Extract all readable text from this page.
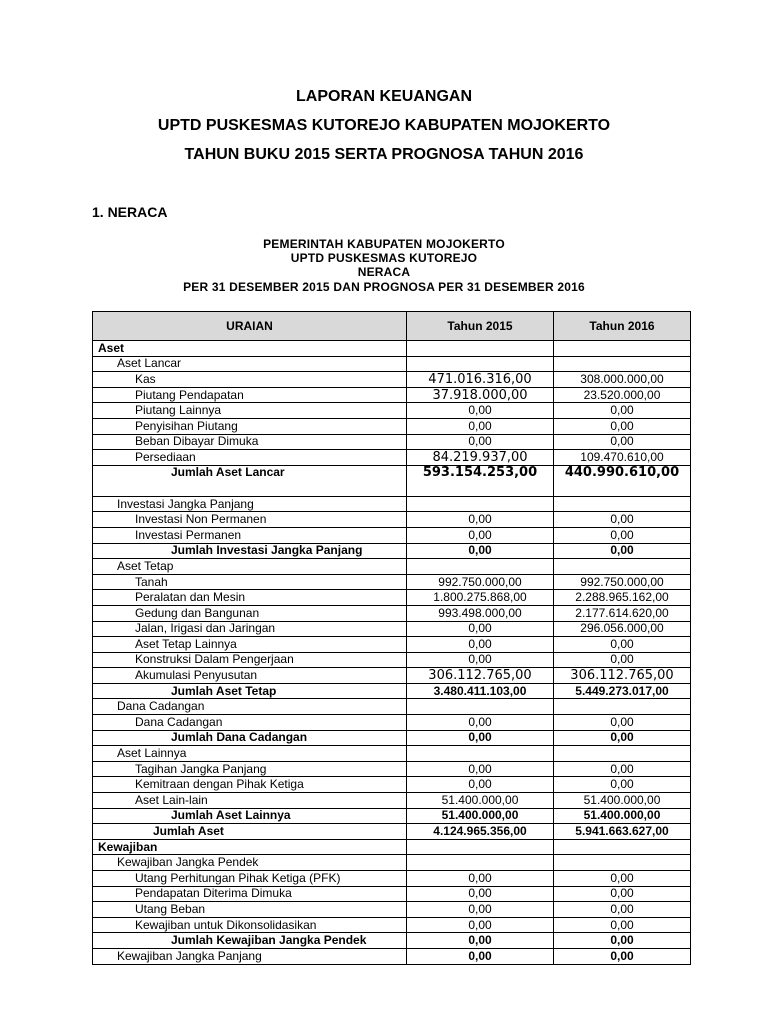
LAPORAN KEUANGAN
UPTD PUSKESMAS KUTOREJO KABUPATEN MOJOKERTO
TAHUN BUKU 2015 SERTA PROGNOSA TAHUN 2016
1. NERACA
PEMERINTAH KABUPATEN MOJOKERTO
UPTD PUSKESMAS KUTOREJO
NERACA
PER 31 DESEMBER 2015 DAN PROGNOSA PER 31 DESEMBER 2016
URAIAN	Tahun 2015	Tahun 2016
Aset		
Aset Lancar		
Kas	471.016.316,00	308.000.000,00
Piutang Pendapatan	37.918.000,00	23.520.000,00
Piutang Lainnya	0,00	0,00
Penyisihan Piutang	0,00	0,00
Beban Dibayar Dimuka	0,00	0,00
Persediaan	84.219.937,00	109.470.610,00
Jumlah Aset Lancar	593.154.253,00	440.990.610,00
Investasi Jangka Panjang		
Investasi Non Permanen	0,00	0,00
Investasi Permanen	0,00	0,00
Jumlah Investasi Jangka Panjang	0,00	0,00
Aset Tetap		
Tanah	992.750.000,00	992.750.000,00
Peralatan dan Mesin	1.800.275.868,00	2.288.965.162,00
Gedung dan Bangunan	993.498.000,00	2.177.614.620,00
Jalan, Irigasi dan Jaringan	0,00	296.056.000,00
Aset Tetap Lainnya	0,00	0,00
Konstruksi Dalam Pengerjaan	0,00	0,00
Akumulasi Penyusutan	306.112.765,00	306.112.765,00
Jumlah Aset Tetap	3.480.411.103,00	5.449.273.017,00
Dana Cadangan		
Dana Cadangan	0,00	0,00
Jumlah Dana Cadangan	0,00	0,00
Aset Lainnya		
Tagihan Jangka Panjang	0,00	0,00
Kemitraan dengan Pihak Ketiga	0,00	0,00
Aset Lain-lain	51.400.000,00	51.400.000,00
Jumlah Aset Lainnya	51.400.000,00	51.400.000,00
Jumlah Aset	4.124.965.356,00	5.941.663.627,00
Kewajiban		
Kewajiban Jangka Pendek		
Utang Perhitungan Pihak Ketiga (PFK)	0,00	0,00
Pendapatan Diterima Dimuka	0,00	0,00
Utang Beban	0,00	0,00
Kewajiban untuk Dikonsolidasikan	0,00	0,00
Jumlah Kewajiban Jangka Pendek	0,00	0,00
Kewajiban Jangka Panjang	0,00	0,00
